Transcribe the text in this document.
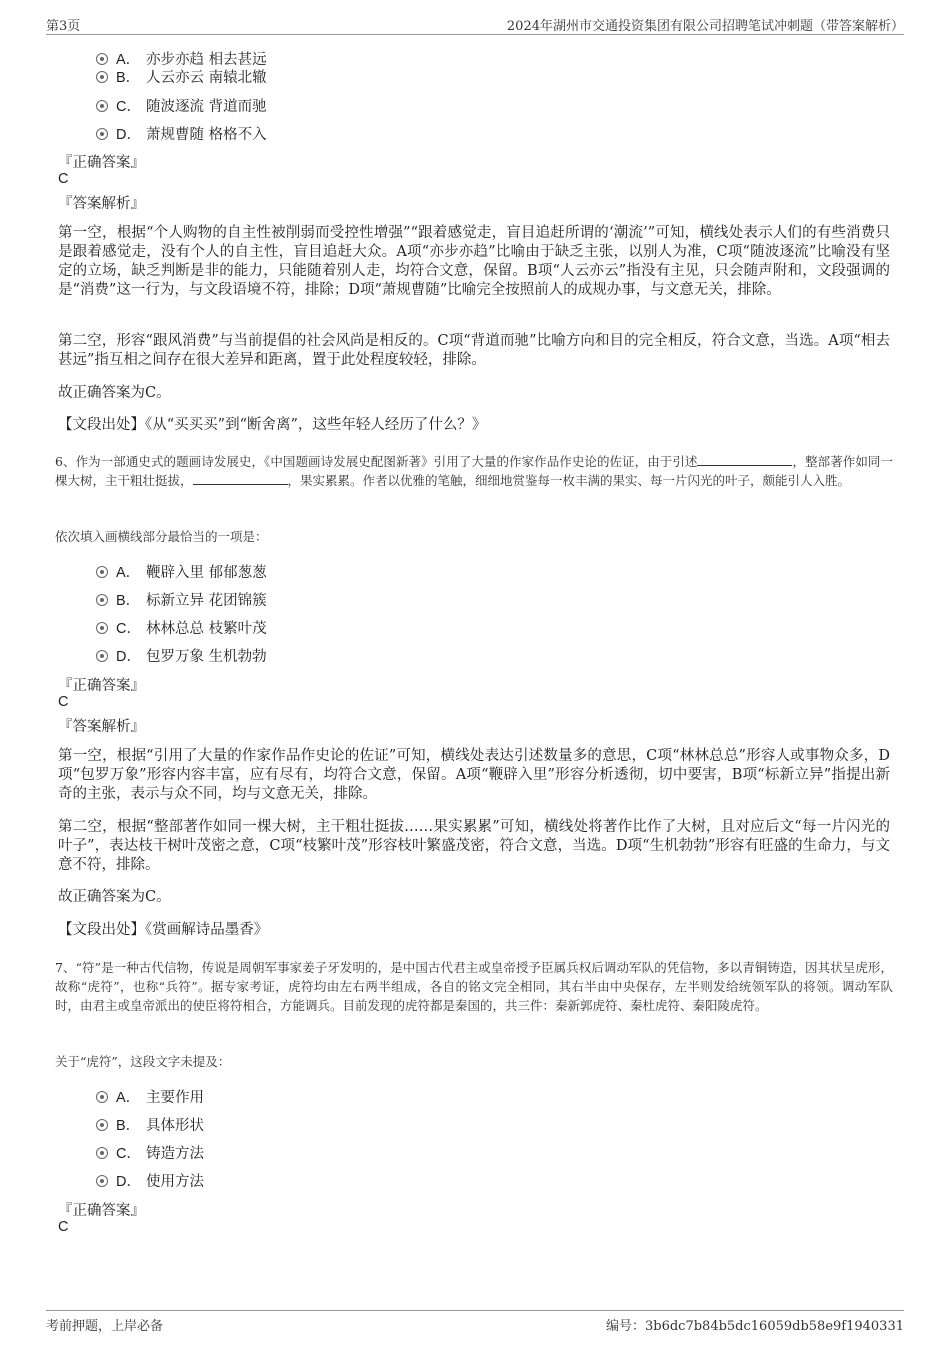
第3页	2024年湖州市交通投资集团有限公司招聘笔试冲刺题（带答案解析）
A． 亦步亦趋 相去甚远
B． 人云亦云 南辕北辙
C． 随波逐流 背道而驰
D． 萧规曹随 格格不入
『正确答案』
C
『答案解析』
第一空，根据“个人购物的自主性被削弱而受控性增强”“跟着感觉走，盲目追赶所谓的‘潮流’”可知，横线处表示人们的有些消费只是跟着感觉走，没有个人的自主性，盲目追赶大众。A项“亦步亦趋”比喻由于缺乏主张，以别人为准，C项“随波逐流”比喻没有坚定的立场，缺乏判断是非的能力，只能随着别人走，均符合文意，保留。B项“人云亦云”指没有主见，只会随声附和，文段强调的是“消费”这一行为，与文段语境不符，排除；D项“萧规曹随”比喻完全按照前人的成规办事，与文意无关，排除。
第二空，形容“跟风消费”与当前提倡的社会风尚是相反的。C项“背道而驰”比喻方向和目的完全相反，符合文意，当选。A项“相去甚远”指互相之间存在很大差异和距离，置于此处程度较轻，排除。
故正确答案为C。
【文段出处】《从“买买买”到“断舍离”，这些年轻人经历了什么？》
6、作为一部通史式的题画诗发展史，《中国题画诗发展史配图新著》引用了大量的作家作品作史论的佐证，由于引述	，整部著作如同一棵大树，主干粗壮挺拔，	，果实累累。作者以优雅的笔触，细细地赏鉴每一枚丰满的果实、每一片闪光的叶子，颇能引人入胜。
依次填入画横线部分最恰当的一项是：
A． 鞭辟入里 郁郁葱葱
B． 标新立异 花团锦簇
C． 林林总总 枝繁叶茂
D． 包罗万象 生机勃勃
『正确答案』
C
『答案解析』
第一空，根据“引用了大量的作家作品作史论的佐证”可知，横线处表达引述数量多的意思，C项“林林总总”形容人或事物众多，D项“包罗万象”形容内容丰富，应有尽有，均符合文意，保留。A项“鞭辟入里”形容分析透彻，切中要害，B项“标新立异”指提出新奇的主张，表示与众不同，均与文意无关，排除。
第二空，根据“整部著作如同一棵大树，主干粗壮挺拔……果实累累”可知，横线处将著作比作了大树，且对应后文“每一片闪光的叶子”，表达枝干树叶茂密之意，C项“枝繁叶茂”形容枝叶繁盛茂密，符合文意，当选。D项“生机勃勃”形容有旺盛的生命力，与文意不符，排除。
故正确答案为C。
【文段出处】《赏画解诗品墨香》
7、“符”是一种古代信物，传说是周朝军事家姜子牙发明的，是中国古代君主或皇帝授予臣属兵权后调动军队的凭信物，多以青铜铸造，因其状呈虎形，故称“虎符”，也称“兵符”。据专家考证，虎符均由左右两半组成，各自的铭文完全相同，其右半由中央保存，左半则发给统领军队的将领。调动军队时，由君主或皇帝派出的使臣将符相合，方能调兵。目前发现的虎符都是秦国的，共三件：秦新郭虎符、秦杜虎符、秦阳陵虎符。
关于“虎符”，这段文字未提及：
A． 主要作用
B． 具体形状
C． 铸造方法
D． 使用方法
『正确答案』
C
考前押题，上岸必备	编号：3b6dc7b84b5dc16059db58e9f1940331
